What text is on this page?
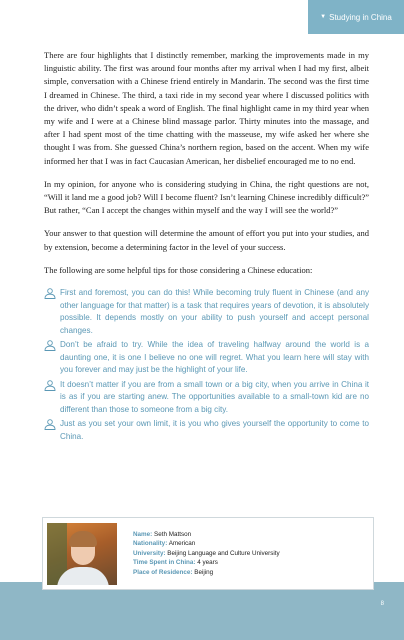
▼ Studying in China

There are four highlights that I distinctly remember, marking the improvements made in my linguistic ability. The first was around four months after my arrival when I had my first, albeit simple, conversation with a Chinese friend entirely in Mandarin. The second was the first time I dreamed in Chinese. The third, a taxi ride in my second year where I discussed politics with the driver, who didn’t speak a word of English. The final highlight came in my third year when my wife and I were at a Chinese blind massage parlor. Thirty minutes into the massage, and after I had spent most of the time chatting with the masseuse, my wife asked her where she thought I was from. She guessed China’s northern region, based on the accent. When my wife informed her that I was in fact Caucasian American, her disbelief encouraged me to no end.

In my opinion, for anyone who is considering studying in China, the right questions are not, “Will it land me a good job? Will I become fluent? Isn’t learning Chinese incredibly difficult?” But rather, “Can I accept the changes within myself and the way I will see the world?”

Your answer to that question will determine the amount of effort you put into your studies, and by extension, become a determining factor in the level of your success.

The following are some helpful tips for those considering a Chinese education:

First and foremost, you can do this! While becoming truly fluent in Chinese (and any other language for that matter) is a task that requires years of devotion, it is absolutely possible. It depends mostly on your ability to push yourself and accept personal changes.
Don’t be afraid to try. While the idea of traveling halfway around the world is a daunting one, it is one I believe no one will regret. What you learn here will stay with you forever and may just be the highlight of your life.
It doesn’t matter if you are from a small town or a big city, when you arrive in China it is as if you are starting anew. The opportunities available to a small-town kid are no different than those to someone from a big city.
Just as you set your own limit, it is you who gives yourself the opportunity to come to China.
8
Name: Seth Mattson
Nationality: American
University: Beijing Language and Culture University
Time Spent in China: 4 years
Place of Residence: Beijing
